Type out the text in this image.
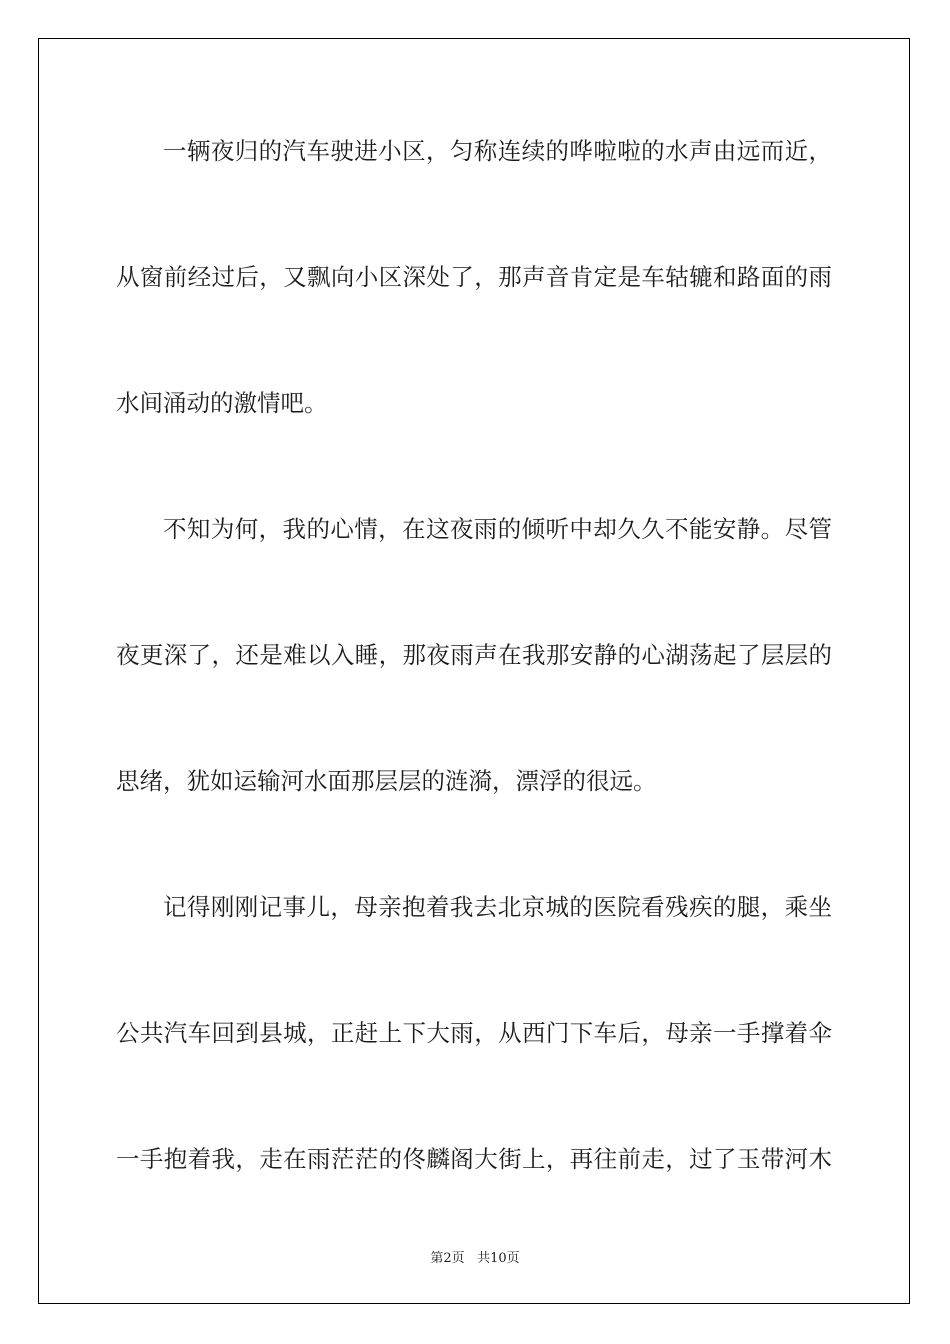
一辆夜归的汽车驶进小区，匀称连续的哗啦啦的水声由远而近，
从窗前经过后，又飘向小区深处了，那声音肯定是车轱辘和路面的雨
水间涌动的激情吧。
不知为何，我的心情，在这夜雨的倾听中却久久不能安静。尽管
夜更深了，还是难以入睡，那夜雨声在我那安静的心湖荡起了层层的
思绪，犹如运输河水面那层层的涟漪，漂浮的很远。
记得刚刚记事儿，母亲抱着我去北京城的医院看残疾的腿，乘坐
公共汽车回到县城，正赶上下大雨，从西门下车后，母亲一手撑着伞
一手抱着我，走在雨茫茫的佟麟阁大街上，再往前走，过了玉带河木
第2页 共10页
